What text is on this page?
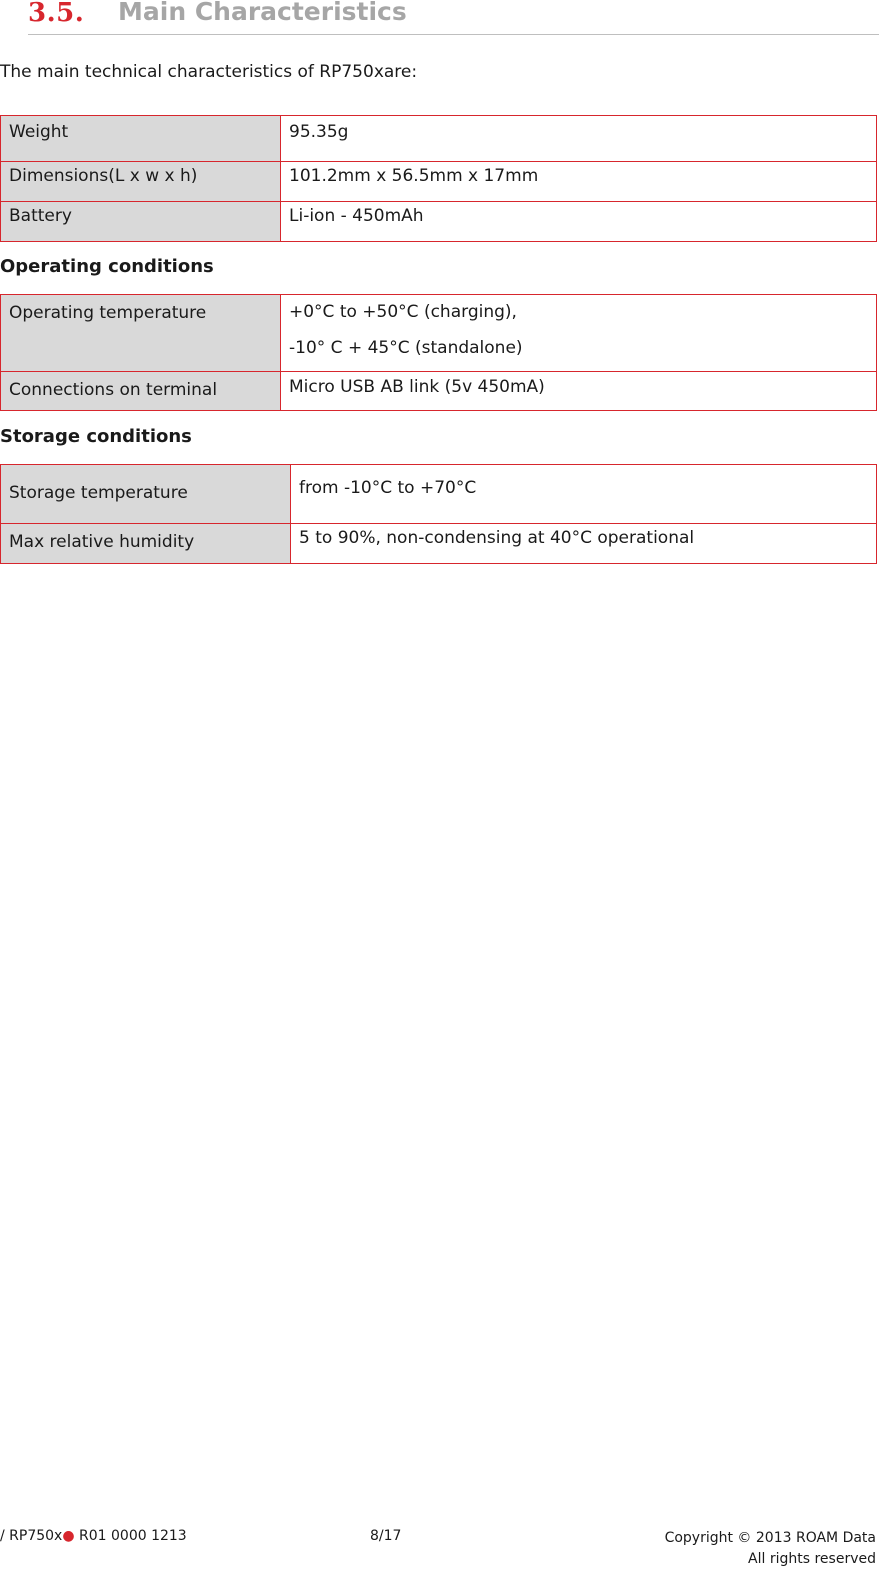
3.5. Main Characteristics
The main technical characteristics of RP750xare:
Weight	95.35g
Dimensions(L x w x h)	101.2mm x 56.5mm x 17mm
Battery	Li-ion - 450mAh
Operating conditions
Operating temperature	+0°C to +50°C (charging),
-10° C + 45°C (standalone)

Connections on terminal	Micro USB AB link (5v 450mA)
Storage conditions
Storage temperature	from -10°C to +70°C
Max relative humidity	5 to 90%, non-condensing at 40°C operational
/ RP750x● R01 0000 1213	8/17	Copyright © 2013 ROAM Data
All rights reserved
